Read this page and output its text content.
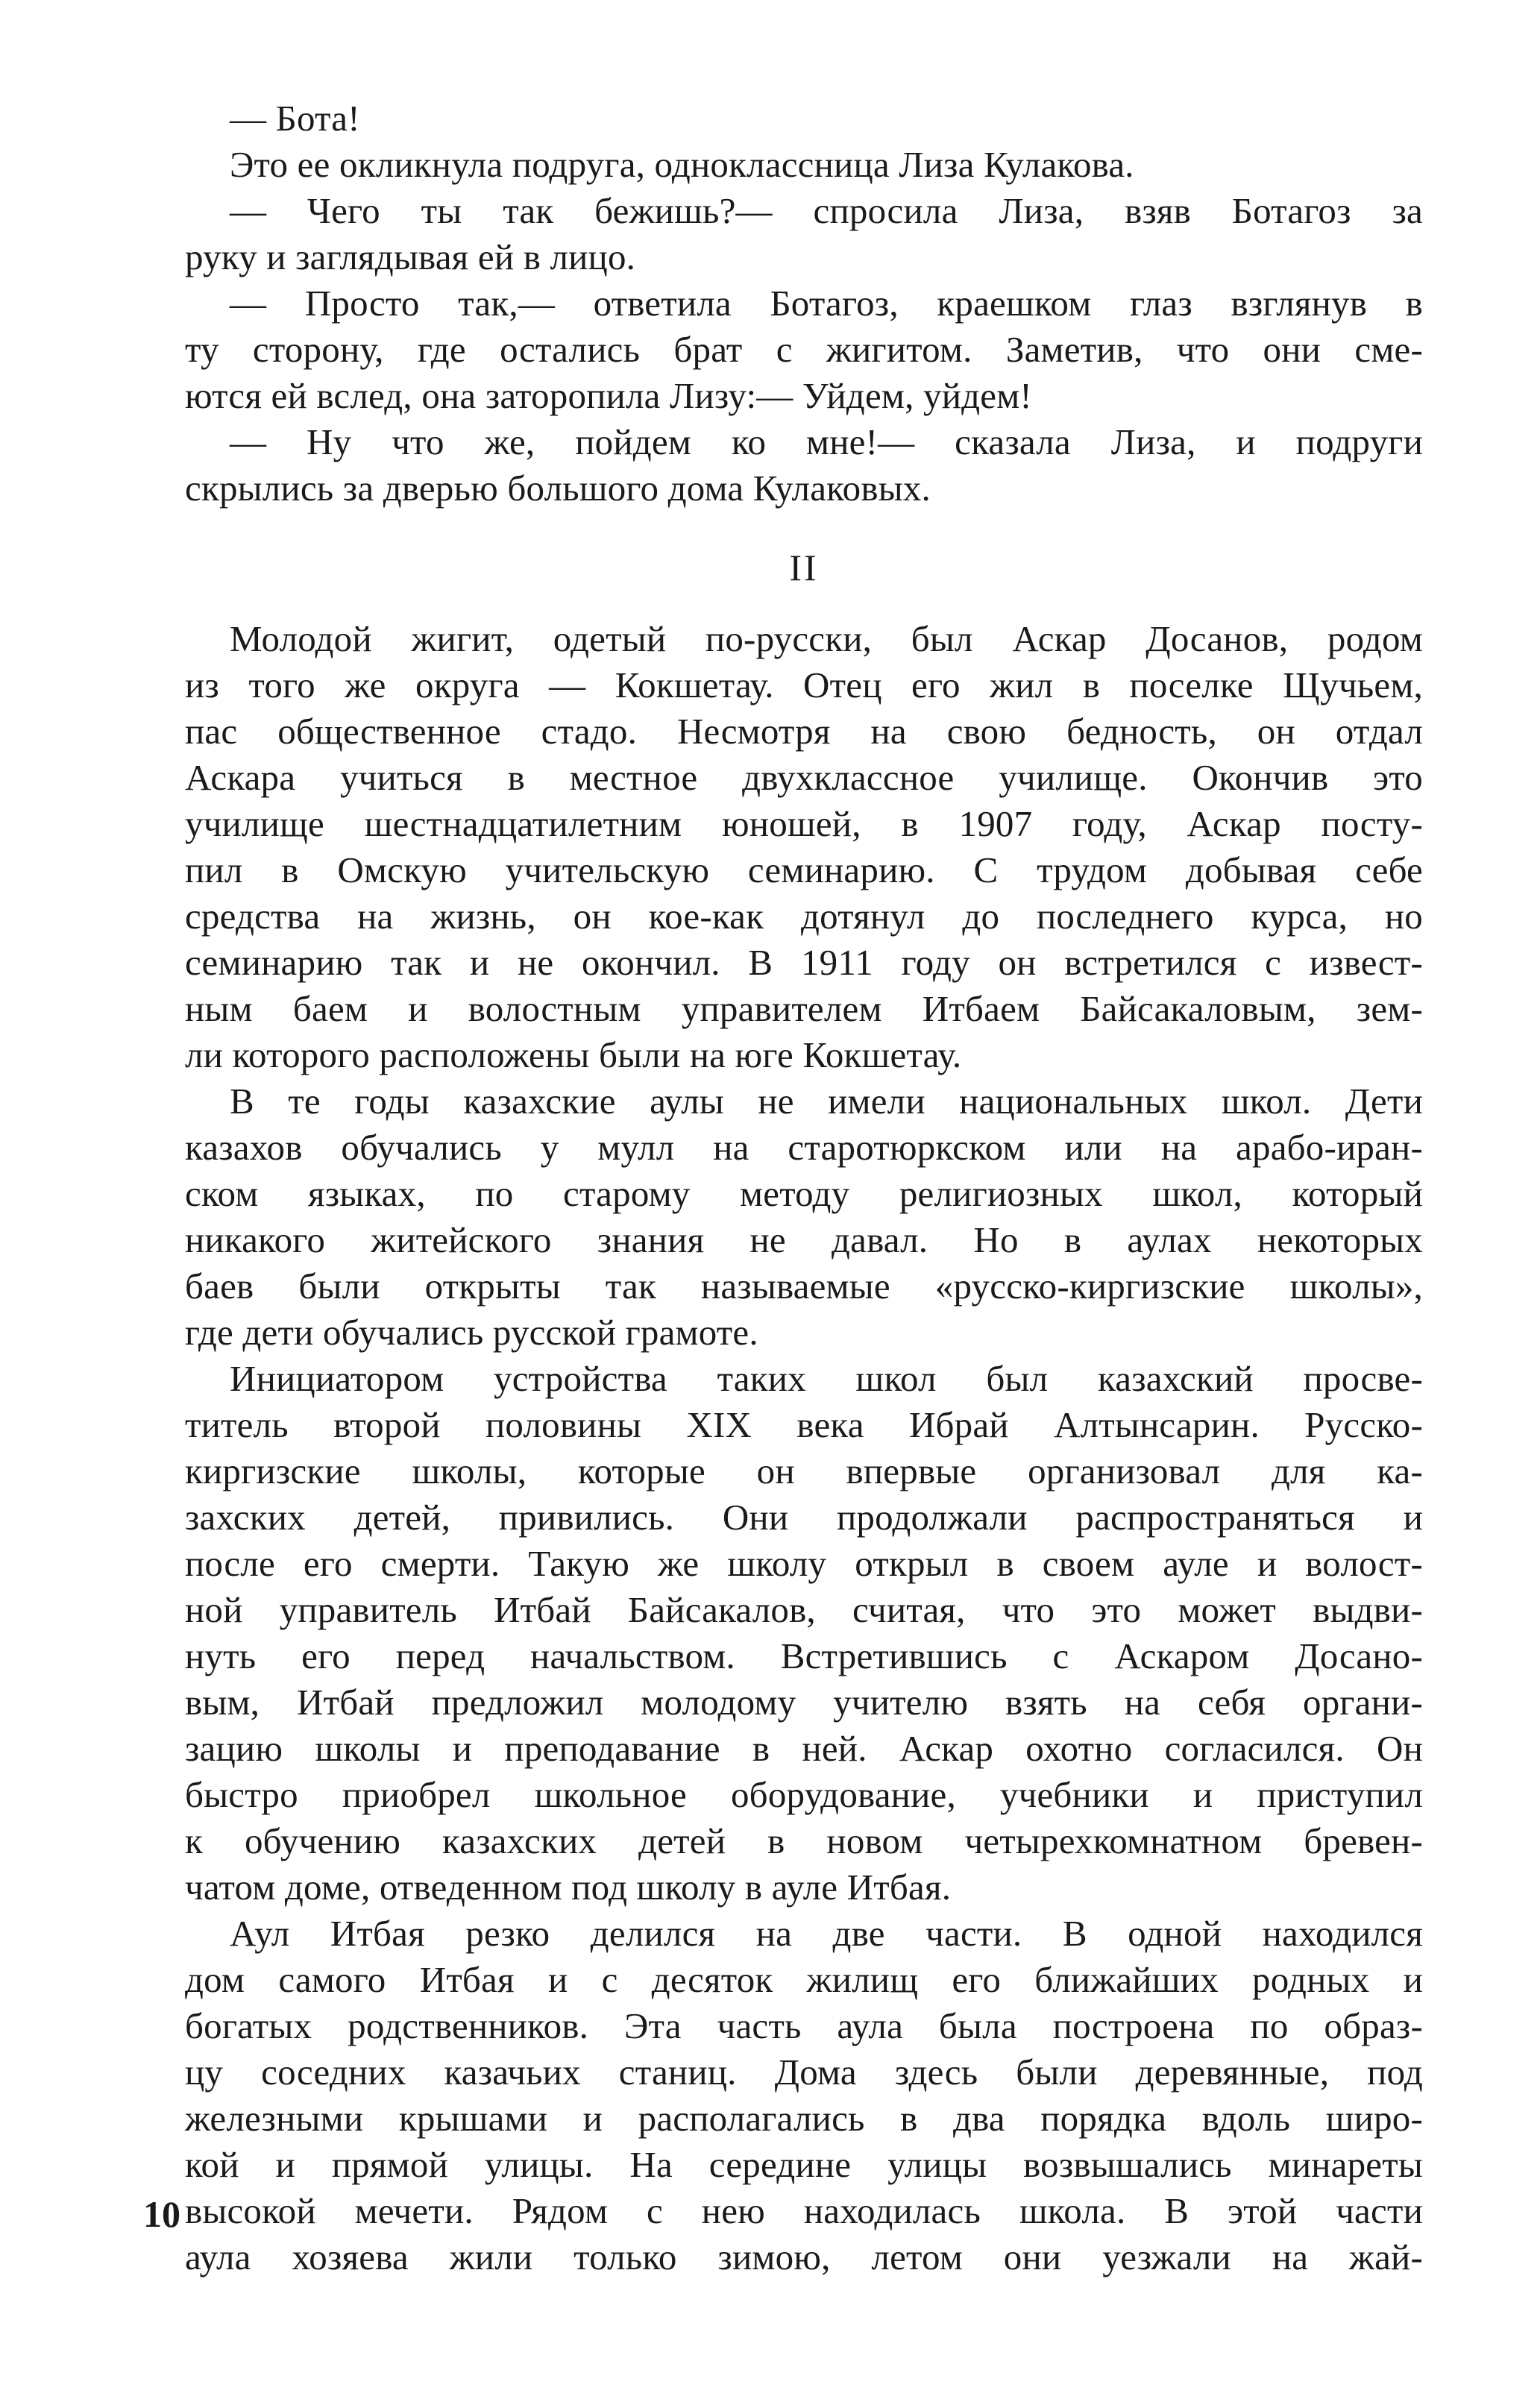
— Бота!
Это ее окликнула подруга, одноклассница Лиза Кулакова.
— Чего ты так бежишь?— спросила Лиза, взяв Ботагоз за
руку и заглядывая ей в лицо.
— Просто так,— ответила Ботагоз, краешком глаз взглянув в
ту сторону, где остались брат с жигитом. Заметив, что они сме-
ются ей вслед, она заторопила Лизу:— Уйдем, уйдем!
— Ну что же, пойдем ко мне!— сказала Лиза, и подруги
скрылись за дверью большого дома Кулаковых.
II
Молодой жигит, одетый по-русски, был Аскар Досанов, родом
из того же округа — Кокшетау. Отец его жил в поселке Щучьем,
пас общественное стадо. Несмотря на свою бедность, он отдал
Аскара учиться в местное двухклассное училище. Окончив это
училище шестнадцатилетним юношей, в 1907 году, Аскар посту-
пил в Омскую учительскую семинарию. С трудом добывая себе
средства на жизнь, он кое-как дотянул до последнего курса, но
семинарию так и не окончил. В 1911 году он встретился с извест-
ным баем и волостным управителем Итбаем Байсакаловым, зем-
ли которого расположены были на юге Кокшетау.
В те годы казахские аулы не имели национальных школ. Дети
казахов обучались у мулл на старотюркском или на арабо-иран-
ском языках, по старому методу религиозных школ, который
никакого житейского знания не давал. Но в аулах некоторых
баев были открыты так называемые «русско-киргизские школы»,
где дети обучались русской грамоте.
Инициатором устройства таких школ был казахский просве-
титель второй половины XIX века Ибрай Алтынсарин. Русско-
киргизские школы, которые он впервые организовал для ка-
захских детей, привились. Они продолжали распространяться и
после его смерти. Такую же школу открыл в своем ауле и волост-
ной управитель Итбай Байсакалов, считая, что это может выдви-
нуть его перед начальством. Встретившись с Аскаром Досано-
вым, Итбай предложил молодому учителю взять на себя органи-
зацию школы и преподавание в ней. Аскар охотно согласился. Он
быстро приобрел школьное оборудование, учебники и приступил
к обучению казахских детей в новом четырехкомнатном бревен-
чатом доме, отведенном под школу в ауле Итбая.
Аул Итбая резко делился на две части. В одной находился
дом самого Итбая и с десяток жилищ его ближайших родных и
богатых родственников. Эта часть аула была построена по образ-
цу соседних казачьих станиц. Дома здесь были деревянные, под
железными крышами и располагались в два порядка вдоль широ-
кой и прямой улицы. На середине улицы возвышались минареты
высокой мечети. Рядом с нею находилась школа. В этой части
аула хозяева жили только зимою, летом они уезжали на жай-
10
